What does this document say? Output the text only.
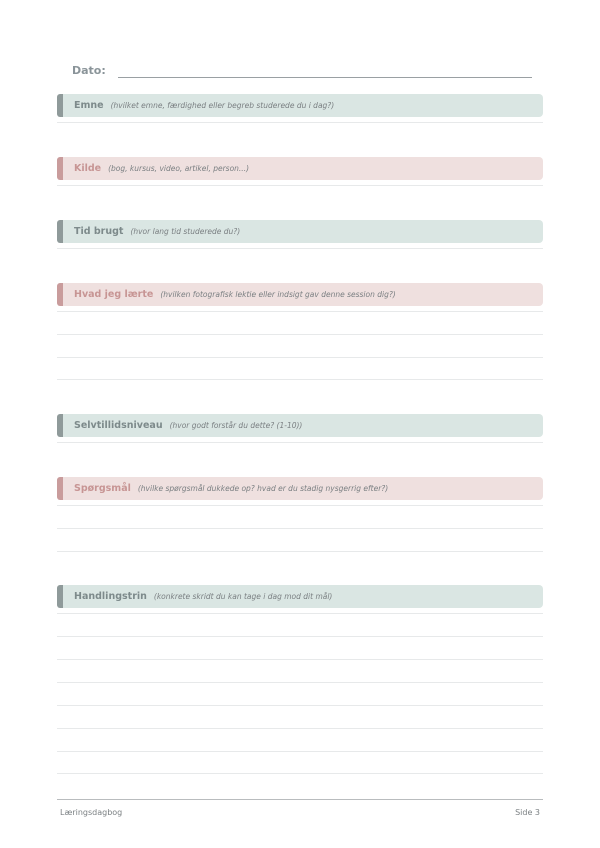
Dato:
Emne (hvilket emne, færdighed eller begreb studerede du i dag?)
Kilde (bog, kursus, video, artikel, person...)
Tid brugt (hvor lang tid studerede du?)
Hvad jeg lærte (hvilken fotografisk lektie eller indsigt gav denne session dig?)
Selvtillidsniveau (hvor godt forstår du dette? (1-10))
Spørgsmål (hvilke spørgsmål dukkede op? hvad er du stadig nysgerrig efter?)
Handlingstrin (konkrete skridt du kan tage i dag mod dit mål)
Læringsdagbog	Side 3
